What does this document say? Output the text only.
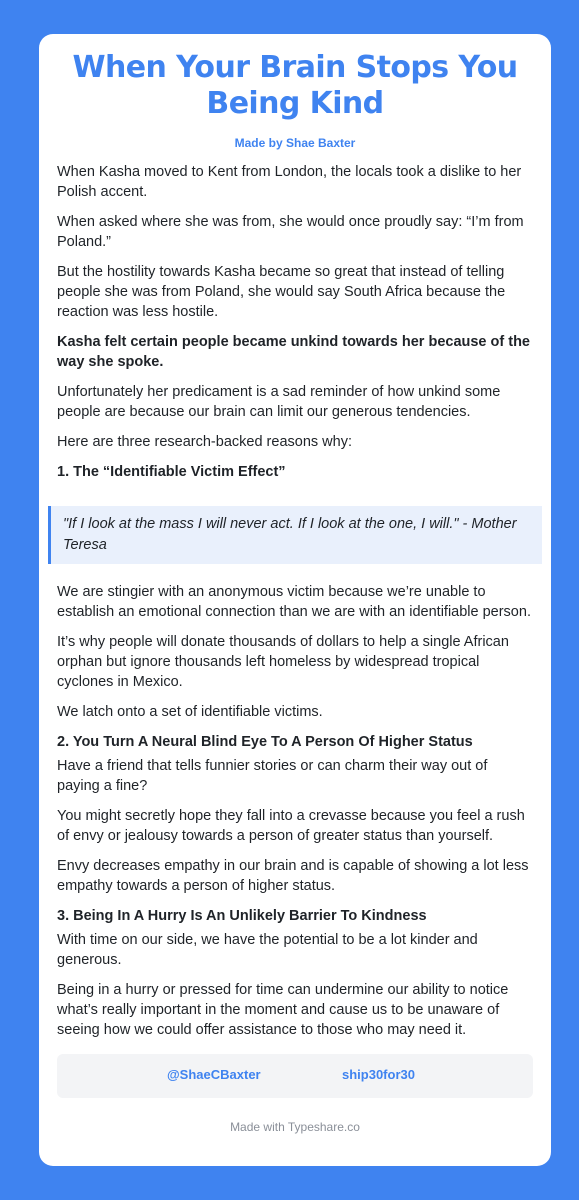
When Your Brain Stops You Being Kind
Made by Shae Baxter

When Kasha moved to Kent from London, the locals took a dislike to her Polish accent.

When asked where she was from, she would once proudly say: “I’m from Poland.”

But the hostility towards Kasha became so great that instead of telling people she was from Poland, she would say South Africa because the reaction was less hostile.

Kasha felt certain people became unkind towards her because of the way she spoke.

Unfortunately her predicament is a sad reminder of how unkind some people are because our brain can limit our generous tendencies.

Here are three research-backed reasons why:

1. The “Identifiable Victim Effect”
"If I look at the mass I will never act. If I look at the one, I will." - Mother Teresa

We are stingier with an anonymous victim because we’re unable to establish an emotional connection than we are with an identifiable person.

It’s why people will donate thousands of dollars to help a single African orphan but ignore thousands left homeless by widespread tropical cyclones in Mexico.

We latch onto a set of identifiable victims.

2. You Turn A Neural Blind Eye To A Person Of Higher Status

Have a friend that tells funnier stories or can charm their way out of paying a fine?

You might secretly hope they fall into a crevasse because you feel a rush of envy or jealousy towards a person of greater status than yourself.

Envy decreases empathy in our brain and is capable of showing a lot less empathy towards a person of higher status.

3. Being In A Hurry Is An Unlikely Barrier To Kindness

With time on our side, we have the potential to be a lot kinder and generous.

Being in a hurry or pressed for time can undermine our ability to notice what’s really important in the moment and cause us to be unaware of seeing how we could offer assistance to those who may need it.

@ShaeCBaxter	ship30for30
Made with Typeshare.co
